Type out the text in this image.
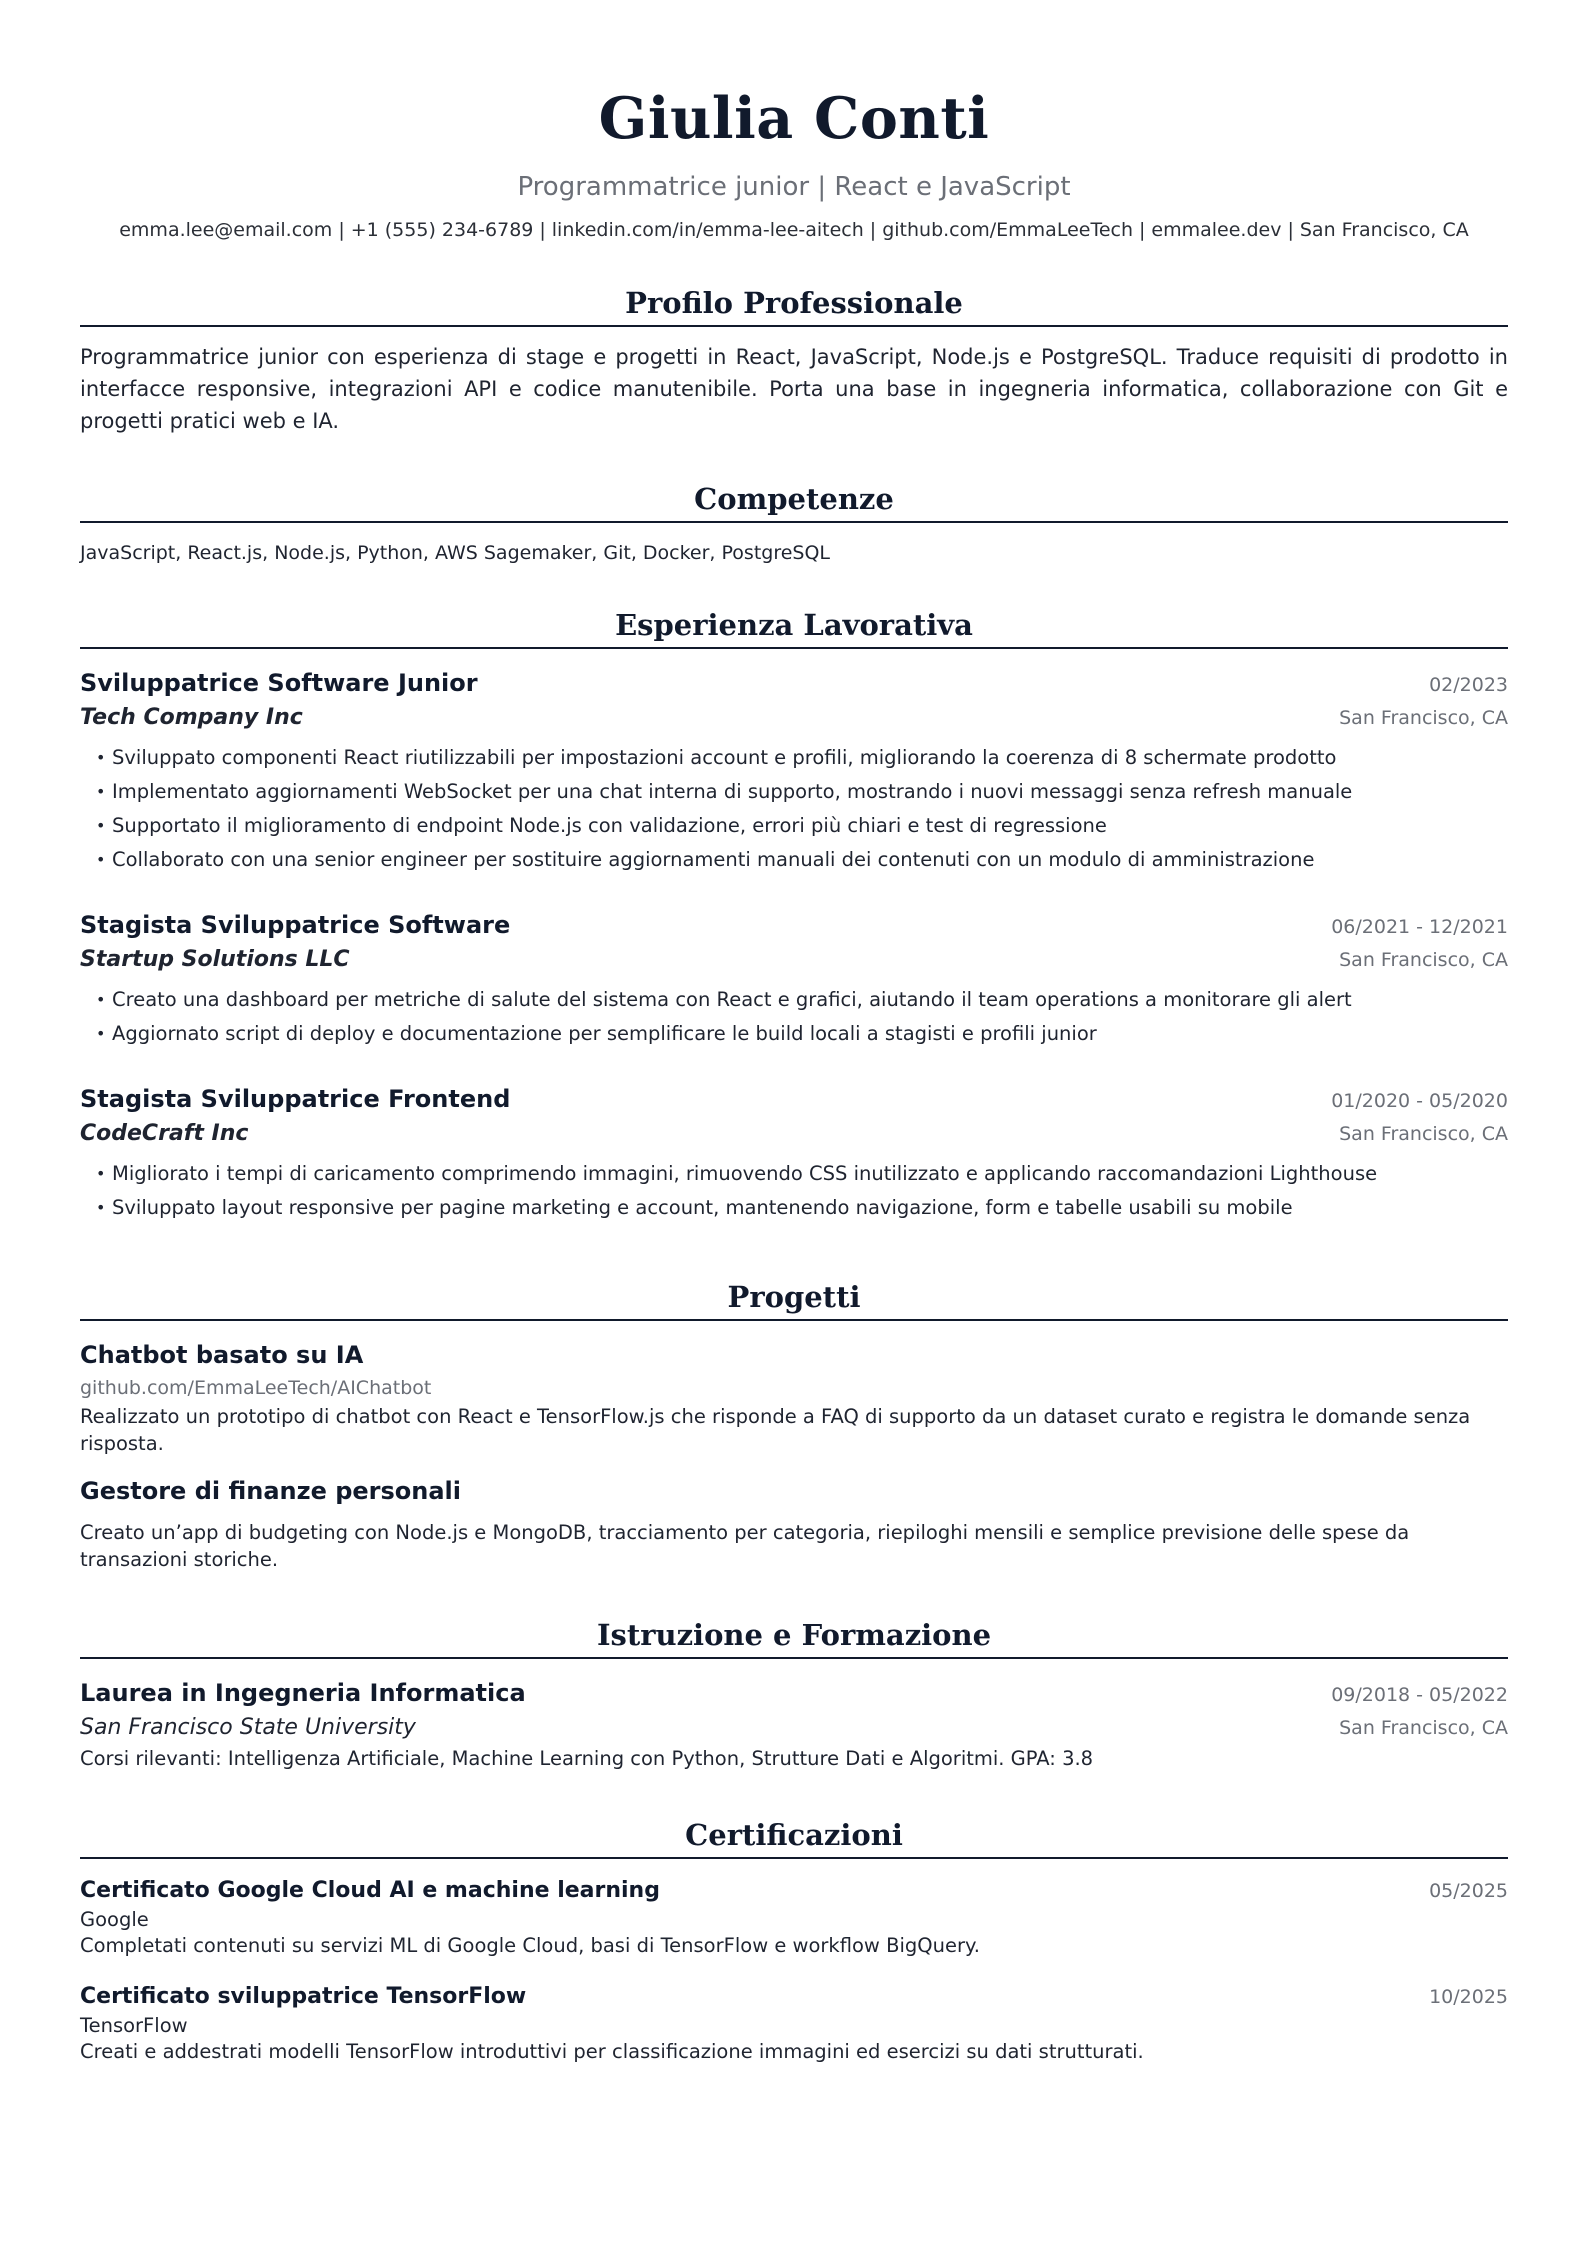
Giulia Conti
Programmatrice junior | React e JavaScript
emma.lee@email.com | +1 (555) 234-6789 | linkedin.com/in/emma-lee-aitech | github.com/EmmaLeeTech | emmalee.dev | San Francisco, CA
Profilo Professionale
Programmatrice junior con esperienza di stage e progetti in React, JavaScript, Node.js e PostgreSQL. Traduce requisiti di prodotto in interfacce responsive, integrazioni API e codice manutenibile. Porta una base in ingegneria informatica, collaborazione con Git e progetti pratici web e IA.
Competenze
JavaScript, React.js, Node.js, Python, AWS Sagemaker, Git, Docker, PostgreSQL
Esperienza Lavorativa
Sviluppatrice Software Junior	02/2023
Tech Company Inc	San Francisco, CA
• Sviluppato componenti React riutilizzabili per impostazioni account e profili, migliorando la coerenza di 8 schermate prodotto
• Implementato aggiornamenti WebSocket per una chat interna di supporto, mostrando i nuovi messaggi senza refresh manuale
• Supportato il miglioramento di endpoint Node.js con validazione, errori più chiari e test di regressione
• Collaborato con una senior engineer per sostituire aggiornamenti manuali dei contenuti con un modulo di amministrazione
Stagista Sviluppatrice Software	06/2021 - 12/2021
Startup Solutions LLC	San Francisco, CA
• Creato una dashboard per metriche di salute del sistema con React e grafici, aiutando il team operations a monitorare gli alert
• Aggiornato script di deploy e documentazione per semplificare le build locali a stagisti e profili junior
Stagista Sviluppatrice Frontend	01/2020 - 05/2020
CodeCraft Inc	San Francisco, CA
• Migliorato i tempi di caricamento comprimendo immagini, rimuovendo CSS inutilizzato e applicando raccomandazioni Lighthouse
• Sviluppato layout responsive per pagine marketing e account, mantenendo navigazione, form e tabelle usabili su mobile
Progetti
Chatbot basato su IA
github.com/EmmaLeeTech/AIChatbot
Realizzato un prototipo di chatbot con React e TensorFlow.js che risponde a FAQ di supporto da un dataset curato e registra le domande senza risposta.
Gestore di finanze personali
Creato un’app di budgeting con Node.js e MongoDB, tracciamento per categoria, riepiloghi mensili e semplice previsione delle spese da transazioni storiche.
Istruzione e Formazione
Laurea in Ingegneria Informatica	09/2018 - 05/2022
San Francisco State University	San Francisco, CA
Corsi rilevanti: Intelligenza Artificiale, Machine Learning con Python, Strutture Dati e Algoritmi. GPA: 3.8
Certificazioni
Certificato Google Cloud AI e machine learning	05/2025
Google
Completati contenuti su servizi ML di Google Cloud, basi di TensorFlow e workflow BigQuery.
Certificato sviluppatrice TensorFlow	10/2025
TensorFlow
Creati e addestrati modelli TensorFlow introduttivi per classificazione immagini ed esercizi su dati strutturati.
